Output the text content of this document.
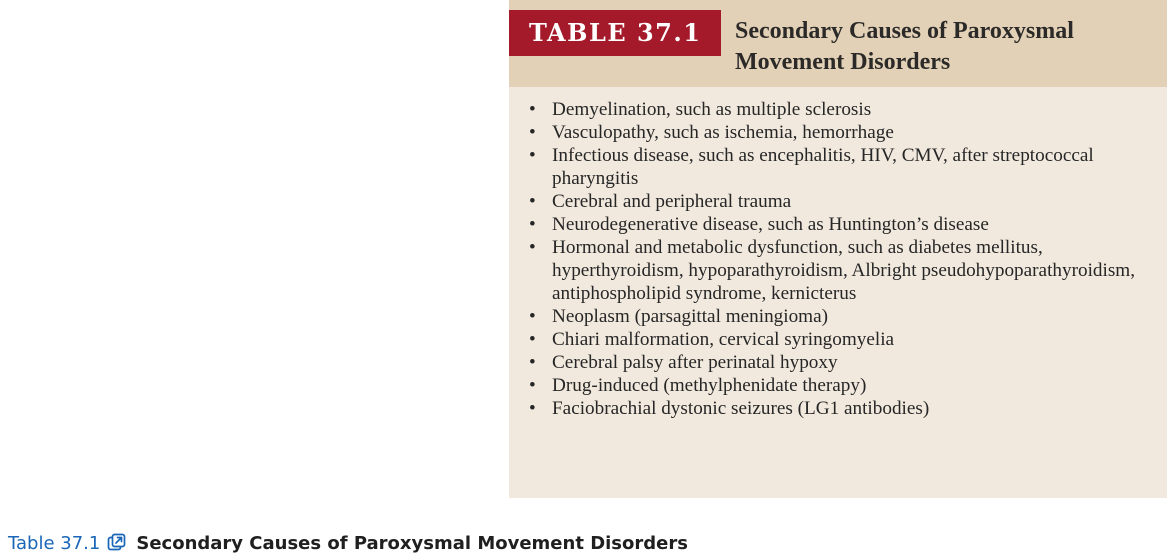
TABLE 37.1	Secondary Causes of Paroxysmal Movement Disorders
• Demyelination, such as multiple sclerosis
• Vasculopathy, such as ischemia, hemorrhage
• Infectious disease, such as encephalitis, HIV, CMV, after streptococcal pharyngitis
• Cerebral and peripheral trauma
• Neurodegenerative disease, such as Huntington’s disease
• Hormonal and metabolic dysfunction, such as diabetes mellitus, hyperthyroidism, hypoparathyroidism, Albright pseudohypoparathyroidism, antiphospholipid syndrome, kernicterus
• Neoplasm (parsagittal meningioma)
• Chiari malformation, cervical syringomyelia
• Cerebral palsy after perinatal hypoxy
• Drug-induced (methylphenidate therapy)
• Faciobrachial dystonic seizures (LG1 antibodies)
Table 37.1 Secondary Causes of Paroxysmal Movement Disorders
